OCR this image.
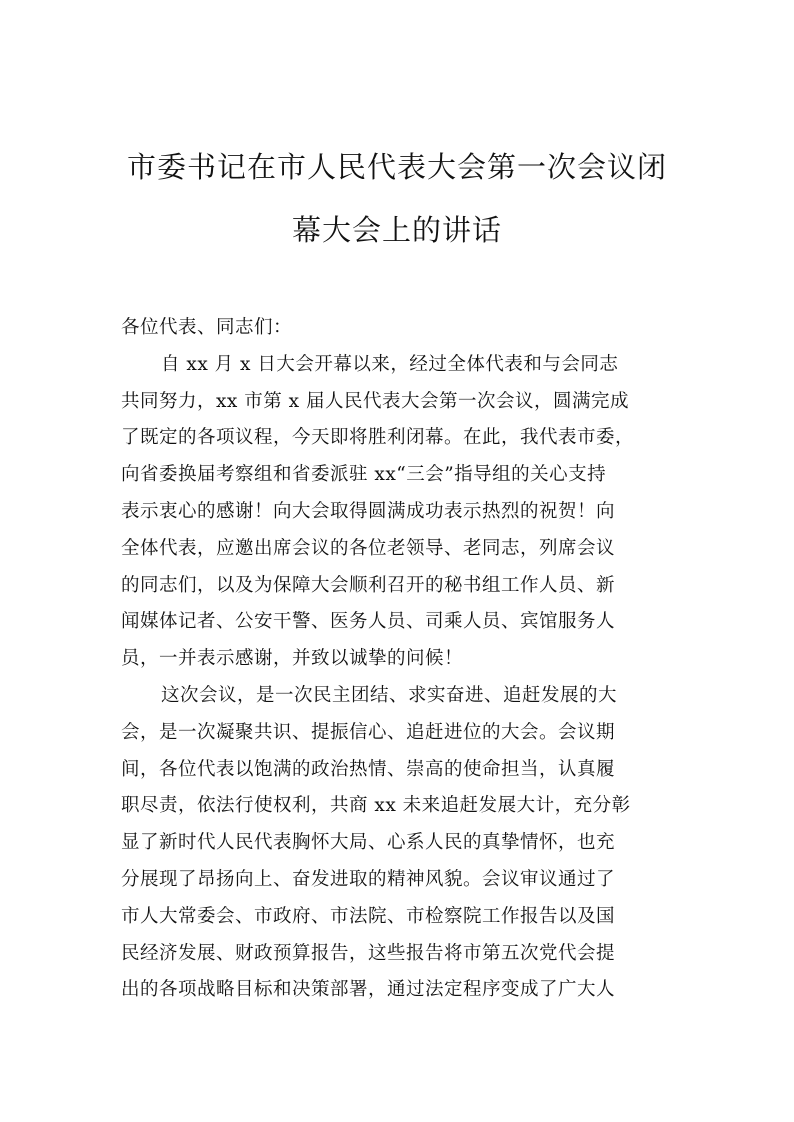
市委书记在市人民代表大会第一次会议闭
幕大会上的讲话
各位代表、同志们：
自 xx 月 x 日大会开幕以来，经过全体代表和与会同志
共同努力，xx 市第 x 届人民代表大会第一次会议，圆满完成
了既定的各项议程，今天即将胜利闭幕。在此，我代表市委，
向省委换届考察组和省委派驻 xx“三会”指导组的关心支持
表示衷心的感谢！向大会取得圆满成功表示热烈的祝贺！向
全体代表，应邀出席会议的各位老领导、老同志，列席会议
的同志们，以及为保障大会顺利召开的秘书组工作人员、新
闻媒体记者、公安干警、医务人员、司乘人员、宾馆服务人
员，一并表示感谢，并致以诚挚的问候！
这次会议，是一次民主团结、求实奋进、追赶发展的大
会，是一次凝聚共识、提振信心、追赶进位的大会。会议期
间，各位代表以饱满的政治热情、崇高的使命担当，认真履
职尽责，依法行使权利，共商 xx 未来追赶发展大计，充分彰
显了新时代人民代表胸怀大局、心系人民的真挚情怀，也充
分展现了昂扬向上、奋发进取的精神风貌。会议审议通过了
市人大常委会、市政府、市法院、市检察院工作报告以及国
民经济发展、财政预算报告，这些报告将市第五次党代会提
出的各项战略目标和决策部署，通过法定程序变成了广大人
